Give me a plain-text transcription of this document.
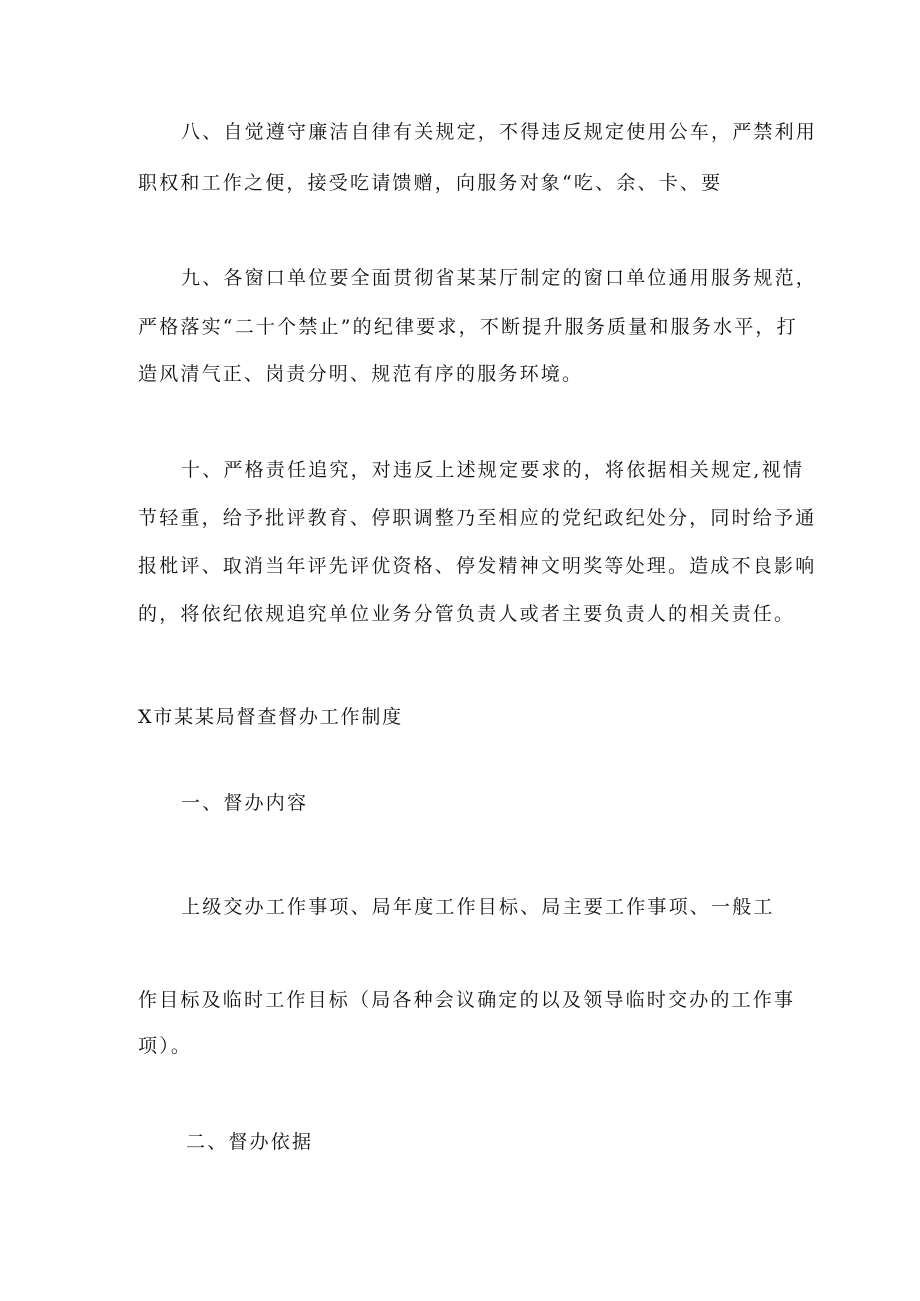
八、自觉遵守廉洁自律有关规定，不得违反规定使用公车，严禁利用
职权和工作之便，接受吃请馈赠，向服务对象“吃、余、卡、要
九、各窗口单位要全面贯彻省某某厅制定的窗口单位通用服务规范，
严格落实“二十个禁止”的纪律要求，不断提升服务质量和服务水平，打
造风清气正、岗责分明、规范有序的服务环境。
十、严格责任追究，对违反上述规定要求的，将依据相关规定,视情
节轻重，给予批评教育、停职调整乃至相应的党纪政纪处分，同时给予通
报枇评、取消当年评先评优资格、停发精神文明奖等处理。造成不良影响
的，将依纪依规追究单位业务分管负责人或者主要负责人的相关责任。
X市某某局督查督办工作制度
一、督办内容
上级交办工作事项、局年度工作目标、局主要工作事项、一般工
作目标及临时工作目标（局各种会议确定的以及领导临时交办的工作事
项）。
二、督办依据
